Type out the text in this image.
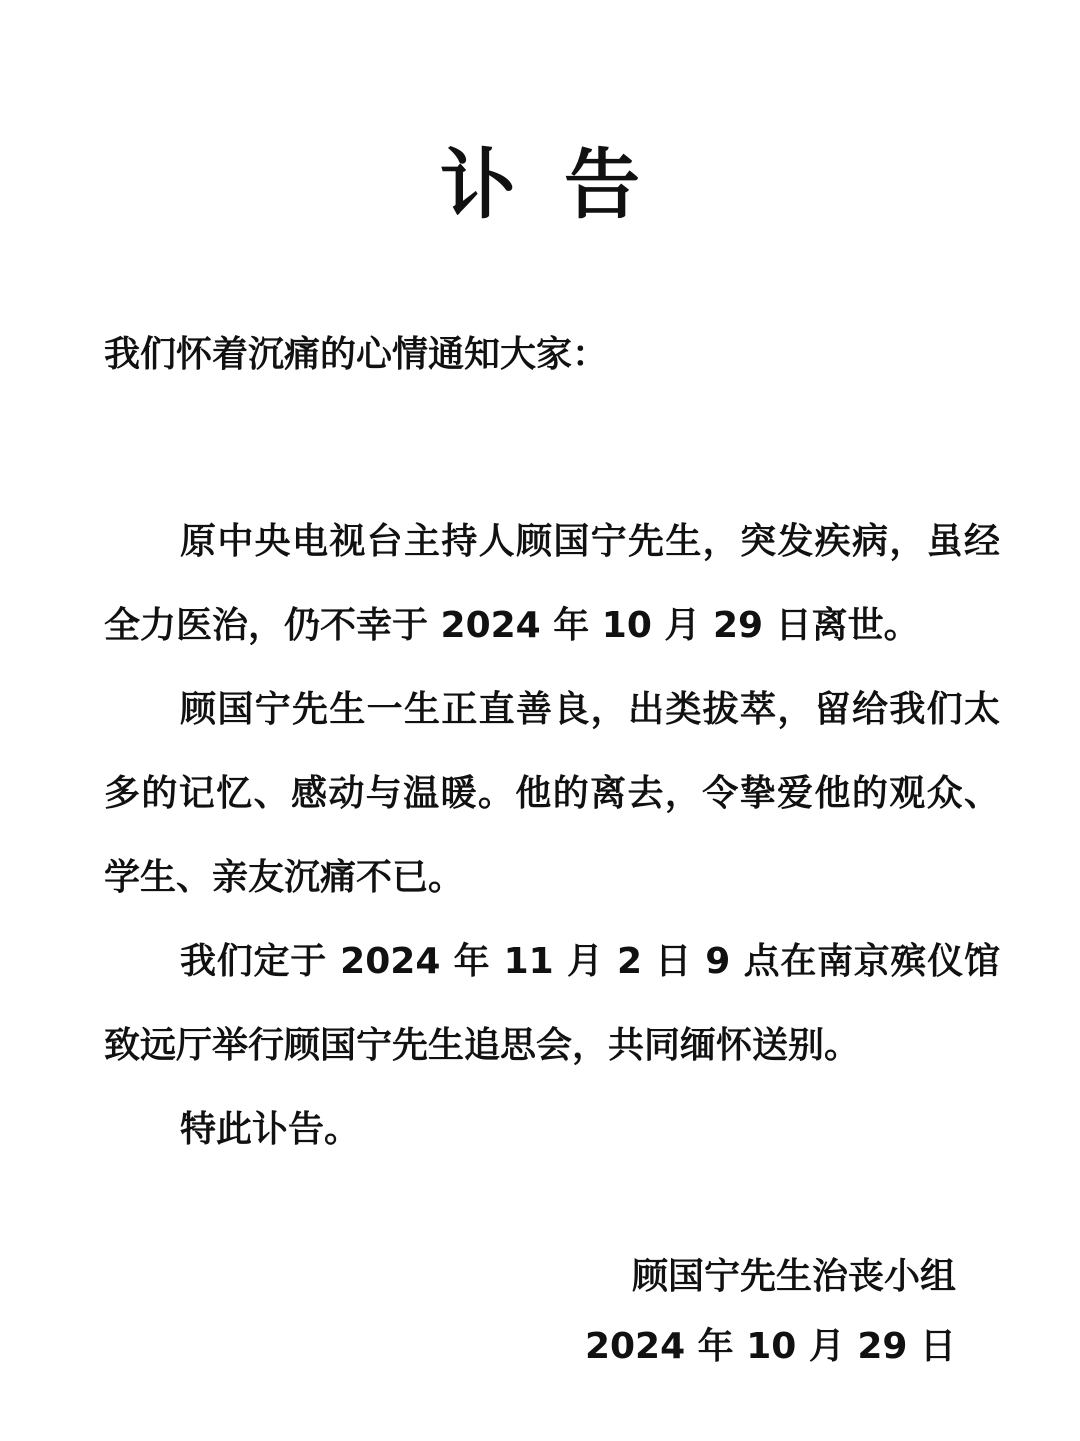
讣告
我们怀着沉痛的心情通知大家：

原中央电视台主持人顾国宁先生，突发疾病，虽经全力医治，仍不幸于 2024 年 10 月 29 日离世。

顾国宁先生一生正直善良，出类拔萃，留给我们太多的记忆、感动与温暖。他的离去，令挚爱他的观众、学生、亲友沉痛不已。

我们定于 2024 年 11 月 2 日 9 点在南京殡仪馆致远厅举行顾国宁先生追思会，共同缅怀送别。

特此讣告。

顾国宁先生治丧小组
2024 年 10 月 29 日
